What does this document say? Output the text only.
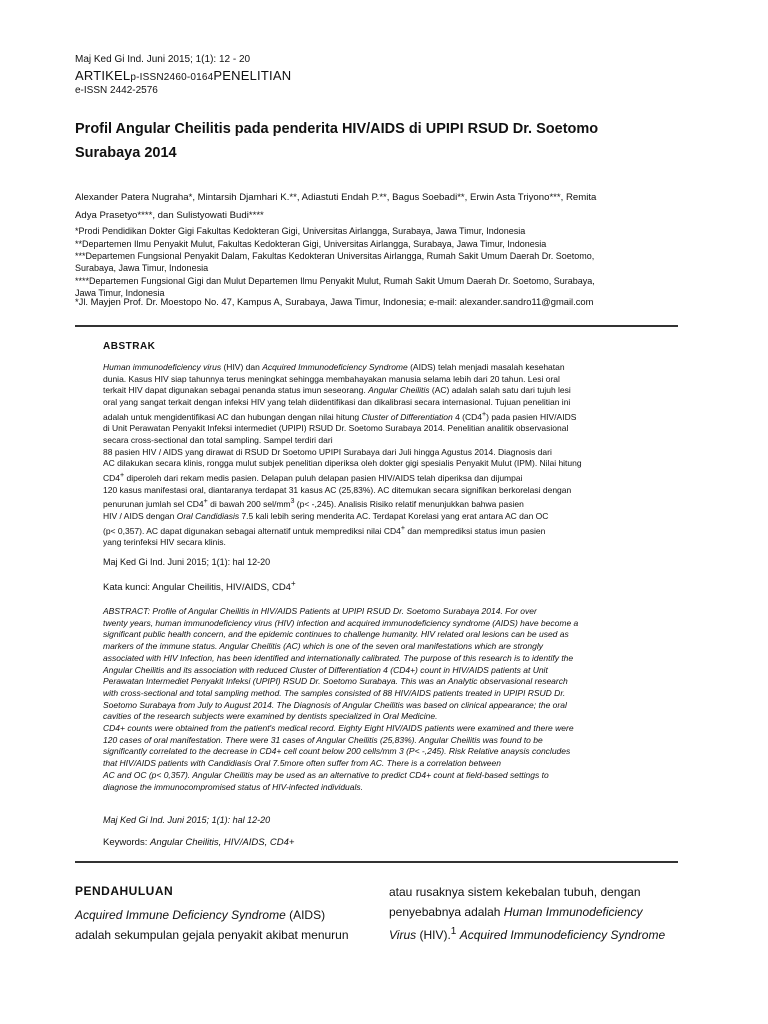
Maj Ked Gi Ind. Juni 2015; 1(1): 12 - 20
ARTIKELp-ISSN2460-0164PENELITIAN
e-ISSN 2442-2576
Profil Angular Cheilitis pada penderita HIV/AIDS di UPIPI RSUD Dr. Soetomo
Surabaya 2014
Alexander Patera Nugraha*, Mintarsih Djamhari K.**, Adiastuti Endah P.**, Bagus Soebadi**, Erwin Asta Triyono***, Remita
Adya Prasetyo****, dan Sulistyowati Budi****
*Prodi Pendidikan Dokter Gigi Fakultas Kedokteran Gigi, Universitas Airlangga, Surabaya, Jawa Timur, Indonesia
**Departemen Ilmu Penyakit Mulut, Fakultas Kedokteran Gigi, Universitas Airlangga, Surabaya, Jawa Timur, Indonesia
***Departemen Fungsional Penyakit Dalam, Fakultas Kedokteran Universitas Airlangga, Rumah Sakit Umum Daerah Dr. Soetomo,
Surabaya, Jawa Timur, Indonesia
****Departemen Fungsional Gigi dan Mulut Departemen Ilmu Penyakit Mulut, Rumah Sakit Umum Daerah Dr. Soetomo, Surabaya,
Jawa Timur, Indonesia
*Jl. Mayjen Prof. Dr. Moestopo No. 47, Kampus A, Surabaya, Jawa Timur, Indonesia; e-mail: alexander.sandro11@gmail.com
ABSTRAK

Human immunodeficiency virus (HIV) dan Acquired Immunodeficiency Syndrome (AIDS) telah menjadi masalah kesehatan

dunia. Kasus HIV siap tahunnya terus meningkat sehingga membahayakan manusia selama lebih dari 20 tahun. Lesi oral

terkait HIV dapat digunakan sebagai penanda status imun seseorang. Angular Cheilitis (AC) adalah salah satu dari tujuh lesi

oral yang sangat terkait dengan infeksi HIV yang telah diidentifikasi dan dikalibrasi secara internasional. Tujuan penelitian ini

adalah untuk mengidentifikasi AC dan hubungan dengan nilai hitung Cluster of Differentiation 4 (CD4+) pada pasien HIV/AIDS

di Unit Perawatan Penyakit Infeksi intermediet (UPIPI) RSUD Dr. Soetomo Surabaya 2014. Penelitian analitik observasional

secara cross-sectional dan total sampling. Sampel terdiri dari

88 pasien HIV / AIDS yang dirawat di RSUD Dr Soetomo UPIPI Surabaya dari Juli hingga Agustus 2014. Diagnosis dari

AC dilakukan secara klinis, rongga mulut subjek penelitian diperiksa oleh dokter gigi spesialis Penyakit Mulut (IPM). Nilai hitung

CD4+ diperoleh dari rekam medis pasien. Delapan puluh delapan pasien HIV/AIDS telah diperiksa dan dijumpai

120 kasus manifestasi oral, diantaranya terdapat 31 kasus AC (25,83%). AC ditemukan secara signifikan berkorelasi dengan

penurunan jumlah sel CD4+ di bawah 200 sel/$mm^3$ (p< -,245). Analisis Risiko relatif menunjukkan bahwa pasien

HIV / AIDS dengan Oral Candidiasis 7.5 kali lebih sering menderita AC. Terdapat Korelasi yang erat antara AC dan OC

(p< 0,357). AC dapat digunakan sebagai alternatif untuk memprediksi nilai CD4+ dan memprediksi status imun pasien

yang terinfeksi HIV secara klinis.

Maj Ked Gi Ind. Juni 2015; 1(1): hal 12-20
Kata kunci: Angular Cheilitis, HIV/AIDS, CD4+

ABSTRACT: Profile of Angular Cheilitis in HIV/AIDS Patients at UPIPI RSUD Dr. Soetomo Surabaya 2014. For over

twenty years, human immunodeficiency virus (HIV) infection and acquired immunodeficiency syndrome (AIDS) have become a

significant public health concern, and the epidemic continues to challenge humanity. HIV related oral lesions can be used as

markers of the immune status. Angular Cheilitis (AC) which is one of the seven oral manifestations which are strongly

associated with HIV Infection, has been identified and internationally calibrated. The purpose of this research is to identify the

Angular Cheilitis and its association with reduced Cluster of Differentiation 4 (CD4+) count in HIV/AIDS patients at Unit

Perawatan Intermediet Penyakit Infeksi (UPIPI) RSUD Dr. Soetomo Surabaya. This was an Analytic observasional research

with cross-sectional and total sampling method. The samples consisted of 88 HIV/AIDS patients treated in UPIPI RSUD Dr.

Soetomo Surabaya from July to August 2014. The Diagnosis of Angular Cheilitis was based on clinical appearance; the oral

cavities of the research subjects were examined by dentists specialized in Oral Medicine.

CD4+ counts were obtained from the patient's medical record. Eighty Eight HIV/AIDS patients were examined and there were

120 cases of oral manifestation. There were 31 cases of Angular Cheilitis (25,83%). Angular Cheilitis was found to be

significantly correlated to the decrease in CD4+ cell count below 200 cells/mm 3 (P< -,245). Risk Relative anaysis concludes

that HIV/AIDS patients with Candidiasis Oral 7.5more often suffer from AC. There is a correlation between

AC and OC (p< 0,357). Angular Cheilitis may be used as an alternative to predict CD4+ count at field-based settings to

diagnose the immunocompromised status of HIV-infected individuals.

Maj Ked Gi Ind. Juni 2015; 1(1): hal 12-20
Keywords: Angular Cheilitis, HIV/AIDS, CD4+
PENDAHULUAN

Acquired Immune Deficiency Syndrome (AIDS)

adalah sekumpulan gejala penyakit akibat menurun

atau rusaknya sistem kekebalan tubuh, dengan

penyebabnya adalah Human Immunodeficiency

Virus (HIV).$^1$ Acquired Immunodeficiency Syndrome
